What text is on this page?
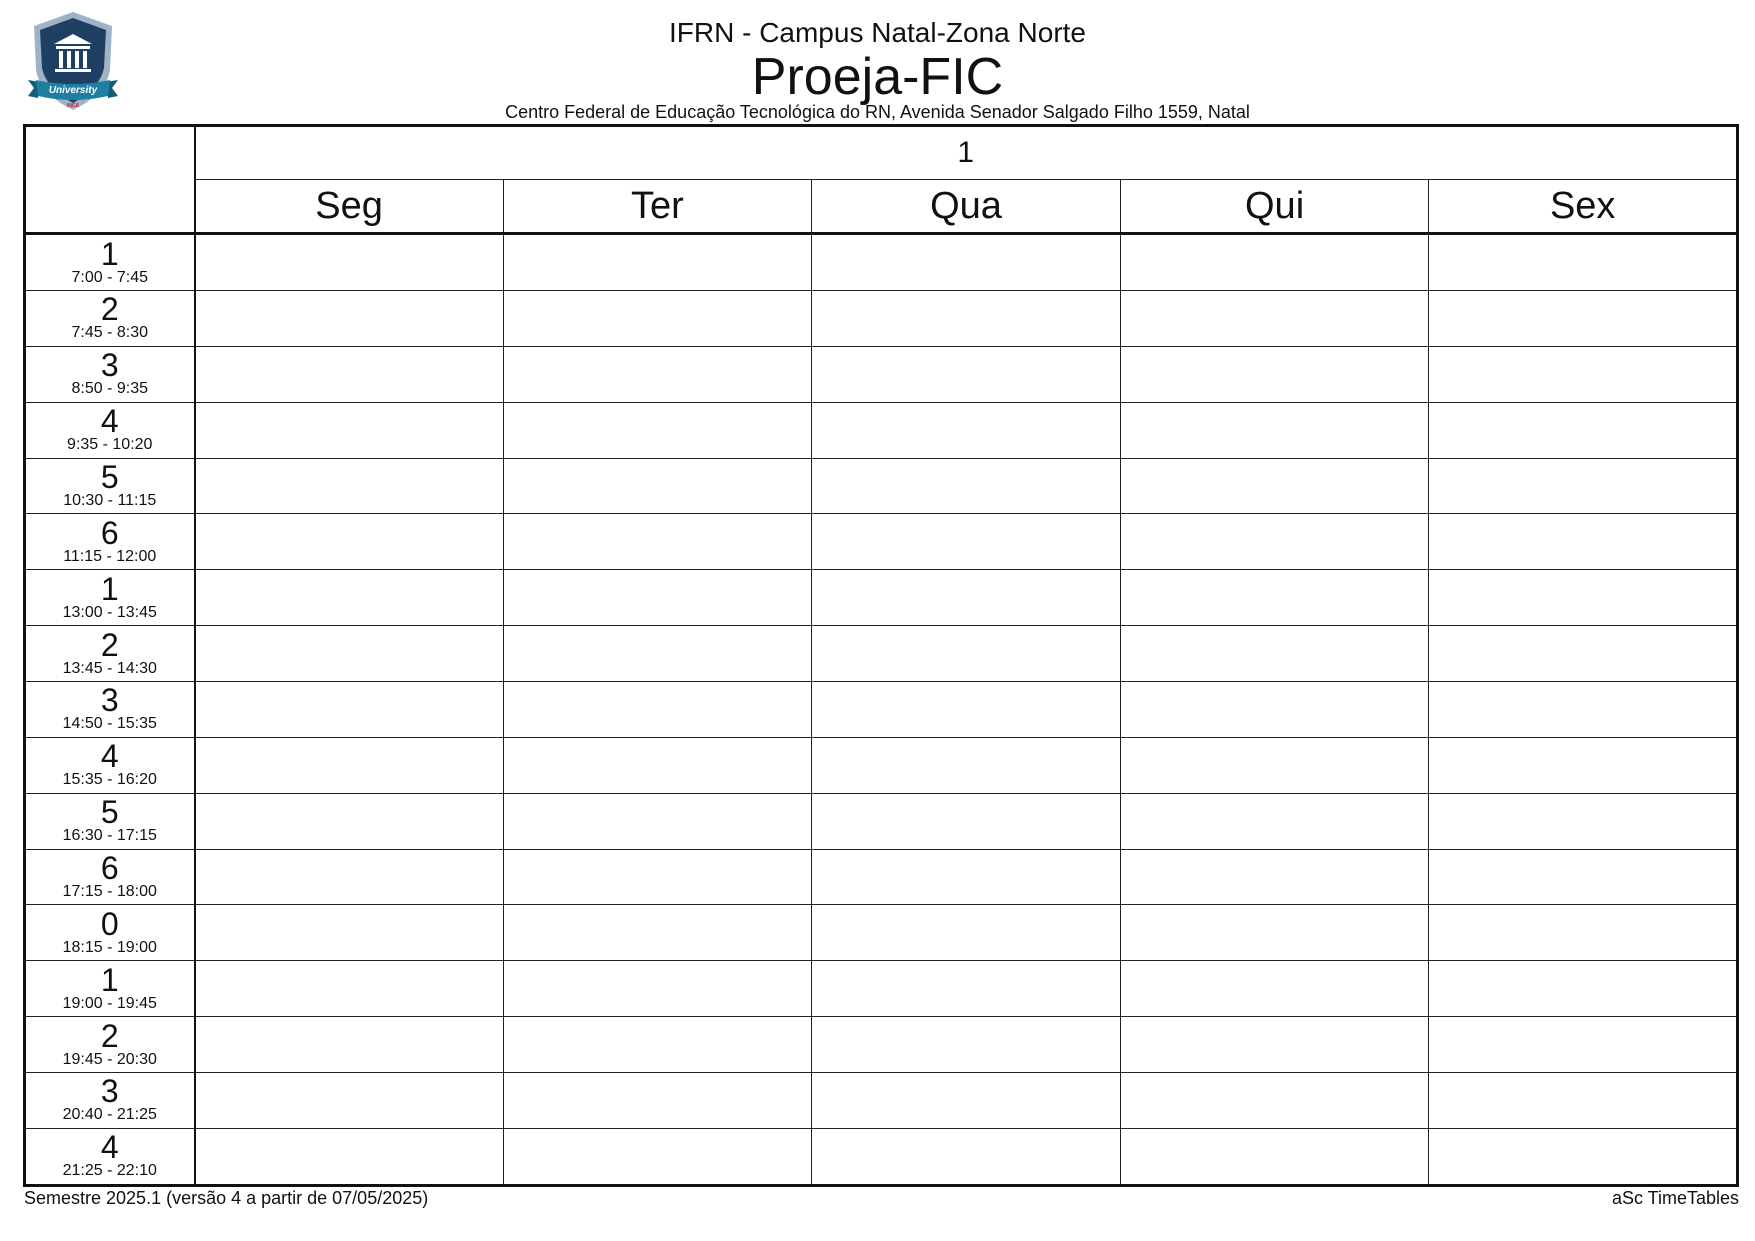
University
INCA
IFRN - Campus Natal-Zona Norte
Proeja-FIC
Centro Federal de Educação Tecnológica do RN, Avenida Senador Salgado Filho 1559, Natal
	1				
	Seg	Ter	Qua	Qui	Sex

1
7:00 - 7:45					

2
7:45 - 8:30					

3
8:50 - 9:35					

4
9:35 - 10:20					

5
10:30 - 11:15					

6
11:15 - 12:00					

1
13:00 - 13:45					

2
13:45 - 14:30					

3
14:50 - 15:35					

4
15:35 - 16:20					

5
16:30 - 17:15					

6
17:15 - 18:00					

0
18:15 - 19:00					

1
19:00 - 19:45					

2
19:45 - 20:30					

3
20:40 - 21:25					

4
21:25 - 22:10					

Semestre 2025.1 (versão 4 a partir de 07/05/2025)	aSc TimeTables
